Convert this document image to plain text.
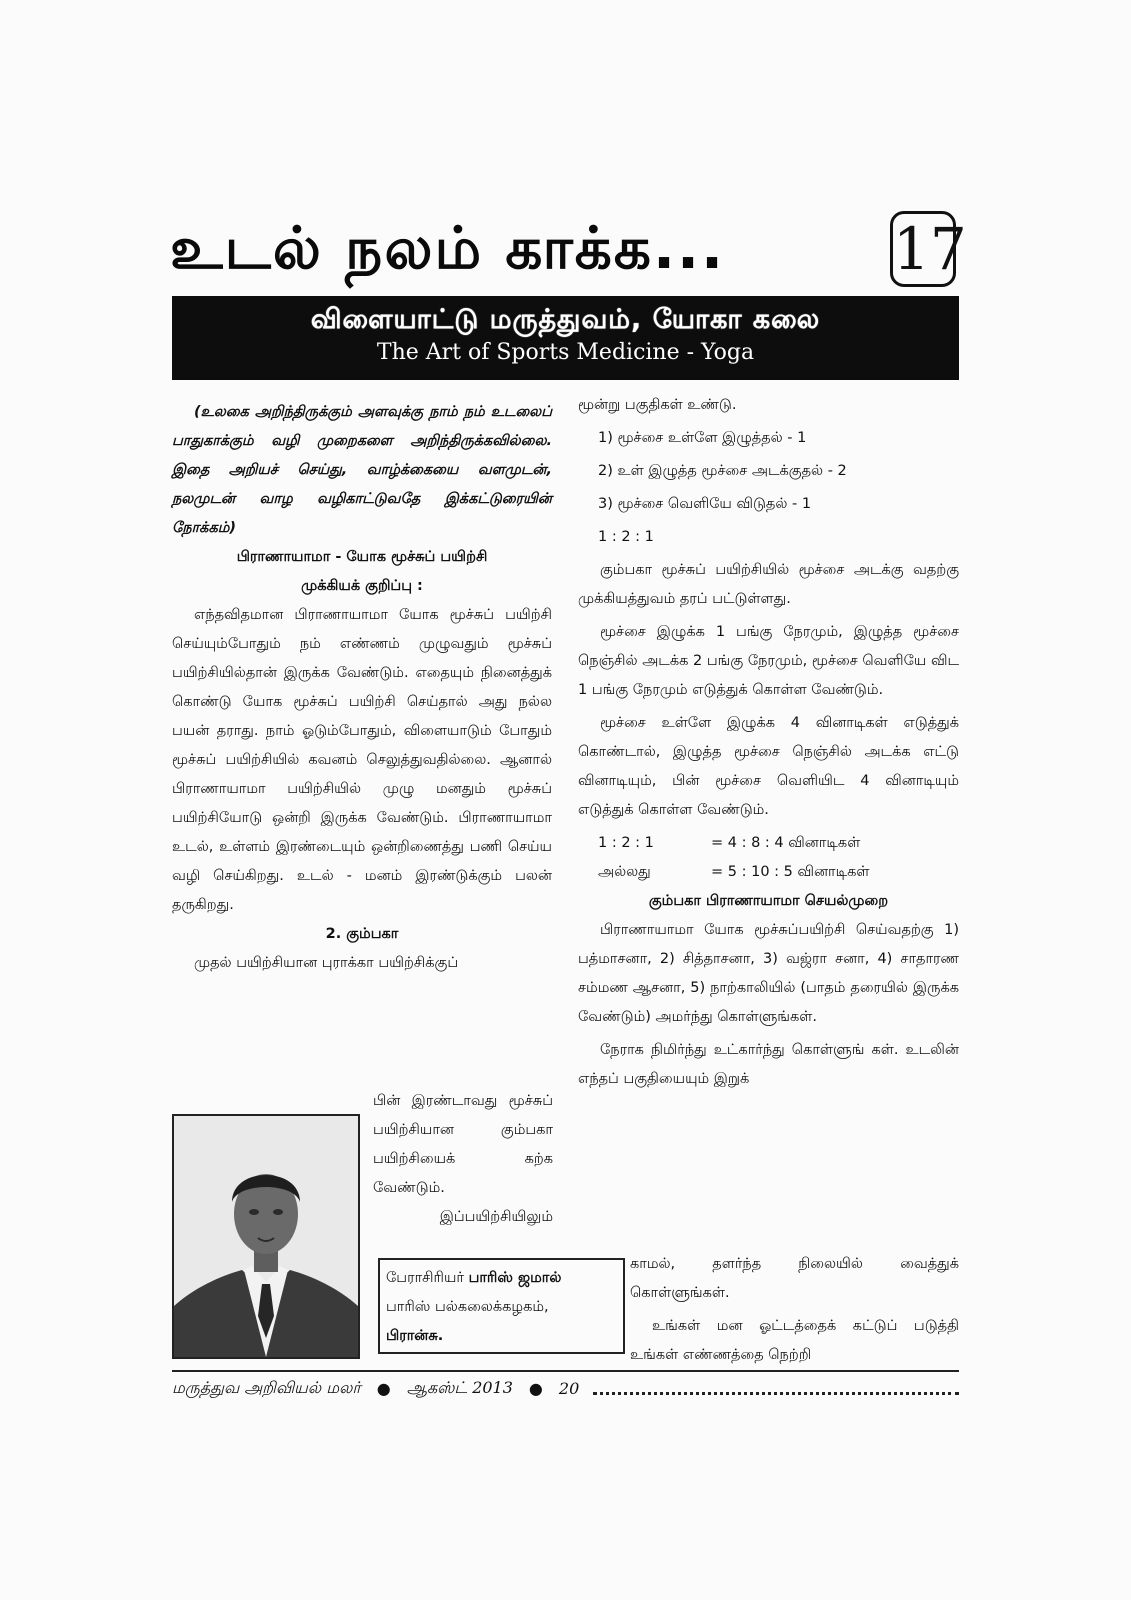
உடல் நலம் காக்க...	17
விளையாட்டு மருத்துவம், யோகா கலை
The Art of Sports Medicine - Yoga

(உலகை அறிந்திருக்கும் அளவுக்கு நாம் நம் உடலைப் பாதுகாக்கும் வழி முறைகளை அறிந்திருக்கவில்லை. இதை அறியச் செய்து, வாழ்க்கையை வளமுடன், நலமுடன் வாழ வழிகாட்டுவதே இக்கட்டுரையின் நோக்கம்)

பிராணாயாமா - யோக மூச்சுப் பயிற்சி

முக்கியக் குறிப்பு :

எந்தவிதமான பிராணாயாமா யோக மூச்சுப் பயிற்சி செய்யும்போதும் நம் எண்ணம் முழுவதும் மூச்சுப் பயிற்சியில்தான் இருக்க வேண்டும். எதையும் நினைத்துக் கொண்டு யோக மூச்சுப் பயிற்சி செய்தால் அது நல்ல பயன் தராது. நாம் ஓடும்போதும், விளையாடும் போதும் மூச்சுப் பயிற்சியில் கவனம் செலுத்துவதில்லை. ஆனால் பிராணாயாமா பயிற்சியில் முழு மனதும் மூச்சுப் பயிற்சியோடு ஒன்றி இருக்க வேண்டும். பிராணாயாமா உடல், உள்ளம் இரண்டையும் ஒன்றிணைத்து பணி செய்ய வழி செய்கிறது. உடல் - மனம் இரண்டுக்கும் பலன் தருகிறது.

2. கும்பகா

முதல் பயிற்சியான புராக்கா பயிற்சிக்குப்

பின் இரண்டாவது மூச்சுப் பயிற்சியான கும்பகா பயிற்சியைக் கற்க வேண்டும்.

இப்பயிற்சியிலும்

பேராசிரியர் பாரிஸ் ஜமால்
பாரிஸ் பல்கலைக்கழகம்,
பிரான்சு.

மூன்று பகுதிகள் உண்டு.

1) மூச்சை உள்ளே இழுத்தல் - 1

2) உள் இழுத்த மூச்சை அடக்குதல் - 2

3) மூச்சை வெளியே விடுதல் - 1

1 : 2 : 1

கும்பகா மூச்சுப் பயிற்சியில் மூச்சை அடக்கு வதற்கு முக்கியத்துவம் தரப் பட்டுள்ளது.

மூச்சை இழுக்க 1 பங்கு நேரமும், இழுத்த மூச்சை நெஞ்சில் அடக்க 2 பங்கு நேரமும், மூச்சை வெளியே விட 1 பங்கு நேரமும் எடுத்துக் கொள்ள வேண்டும்.

மூச்சை உள்ளே இழுக்க 4 வினாடிகள் எடுத்துக் கொண்டால், இழுத்த மூச்சை நெஞ்சில் அடக்க எட்டு வினாடியும், பின் மூச்சை வெளியிட 4 வினாடியும் எடுத்துக் கொள்ள வேண்டும்.

1 : 2 : 1	= 4 : 8 : 4 வினாடிகள்
அல்லது	= 5 : 10 : 5 வினாடிகள்

கும்பகா பிராணாயாமா செயல்முறை

பிராணாயாமா யோக மூச்சுப்பயிற்சி செய்வதற்கு 1) பத்மாசனா, 2) சித்தாசனா, 3) வஜ்ரா சனா, 4) சாதாரண சம்மண ஆசனா, 5) நாற்காலியில் (பாதம் தரையில் இருக்க வேண்டும்) அமர்ந்து கொள்ளுங்கள்.

நேராக நிமிர்ந்து உட்கார்ந்து கொள்ளுங் கள். உடலின் எந்தப் பகுதியையும் இறுக்

காமல், தளர்ந்த நிலையில் வைத்துக் கொள்ளுங்கள்.

உங்கள் மன ஓட்டத்தைக் கட்டுப் படுத்தி உங்கள் எண்ணத்தை நெற்றி

மருத்துவ அறிவியல் மலர் ● ஆகஸ்ட் 2013 ● 20
